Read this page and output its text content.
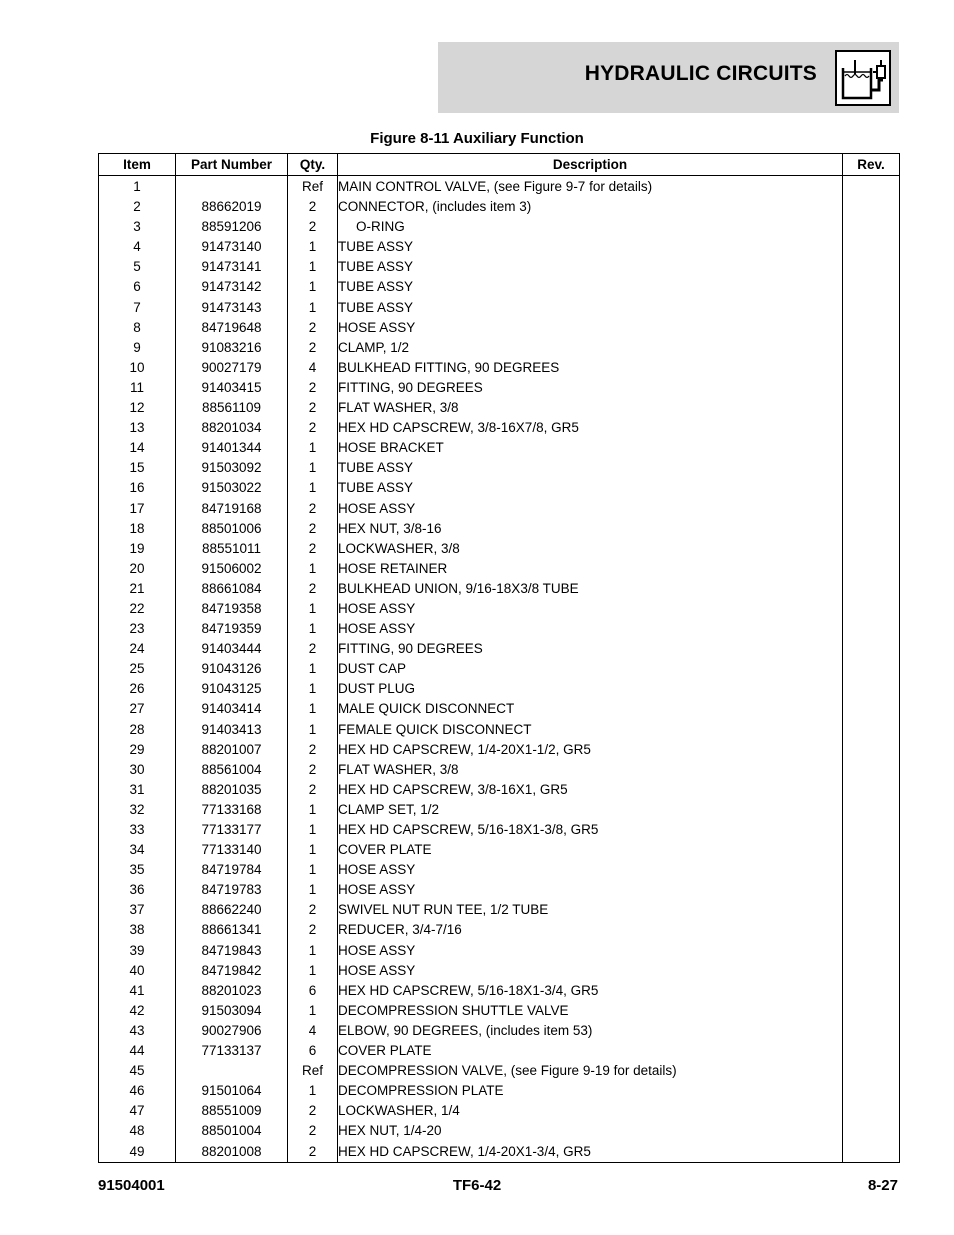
HYDRAULIC CIRCUITS
Figure 8-11 Auxiliary Function
Item	Part Number	Qty.	Description	Rev.
1		Ref	MAIN CONTROL VALVE, (see Figure 9-7 for details)	
2	88662019	2	CONNECTOR, (includes item 3)	
3	88591206	2	O-RING	
4	91473140	1	TUBE ASSY	
5	91473141	1	TUBE ASSY	
6	91473142	1	TUBE ASSY	
7	91473143	1	TUBE ASSY	
8	84719648	2	HOSE ASSY	
9	91083216	2	CLAMP, 1/2	
10	90027179	4	BULKHEAD FITTING, 90 DEGREES	
11	91403415	2	FITTING, 90 DEGREES	
12	88561109	2	FLAT WASHER, 3/8	
13	88201034	2	HEX HD CAPSCREW, 3/8-16X7/8, GR5	
14	91401344	1	HOSE BRACKET	
15	91503092	1	TUBE ASSY	
16	91503022	1	TUBE ASSY	
17	84719168	2	HOSE ASSY	
18	88501006	2	HEX NUT, 3/8-16	
19	88551011	2	LOCKWASHER, 3/8	
20	91506002	1	HOSE RETAINER	
21	88661084	2	BULKHEAD UNION, 9/16-18X3/8 TUBE	
22	84719358	1	HOSE ASSY	
23	84719359	1	HOSE ASSY	
24	91403444	2	FITTING, 90 DEGREES	
25	91043126	1	DUST CAP	
26	91043125	1	DUST PLUG	
27	91403414	1	MALE QUICK DISCONNECT	
28	91403413	1	FEMALE QUICK DISCONNECT	
29	88201007	2	HEX HD CAPSCREW, 1/4-20X1-1/2, GR5	
30	88561004	2	FLAT WASHER, 3/8	
31	88201035	2	HEX HD CAPSCREW, 3/8-16X1, GR5	
32	77133168	1	CLAMP SET, 1/2	
33	77133177	1	HEX HD CAPSCREW, 5/16-18X1-3/8, GR5	
34	77133140	1	COVER PLATE	
35	84719784	1	HOSE ASSY	
36	84719783	1	HOSE ASSY	
37	88662240	2	SWIVEL NUT RUN TEE, 1/2 TUBE	
38	88661341	2	REDUCER, 3/4-7/16	
39	84719843	1	HOSE ASSY	
40	84719842	1	HOSE ASSY	
41	88201023	6	HEX HD CAPSCREW, 5/16-18X1-3/4, GR5	
42	91503094	1	DECOMPRESSION SHUTTLE VALVE	
43	90027906	4	ELBOW, 90 DEGREES, (includes item 53)	
44	77133137	6	COVER PLATE	
45		Ref	DECOMPRESSION VALVE, (see Figure 9-19 for details)	
46	91501064	1	DECOMPRESSION PLATE	
47	88551009	2	LOCKWASHER, 1/4	
48	88501004	2	HEX NUT, 1/4-20	
49	88201008	2	HEX HD CAPSCREW, 1/4-20X1-3/4, GR5	
91504001	TF6-42	8-27
